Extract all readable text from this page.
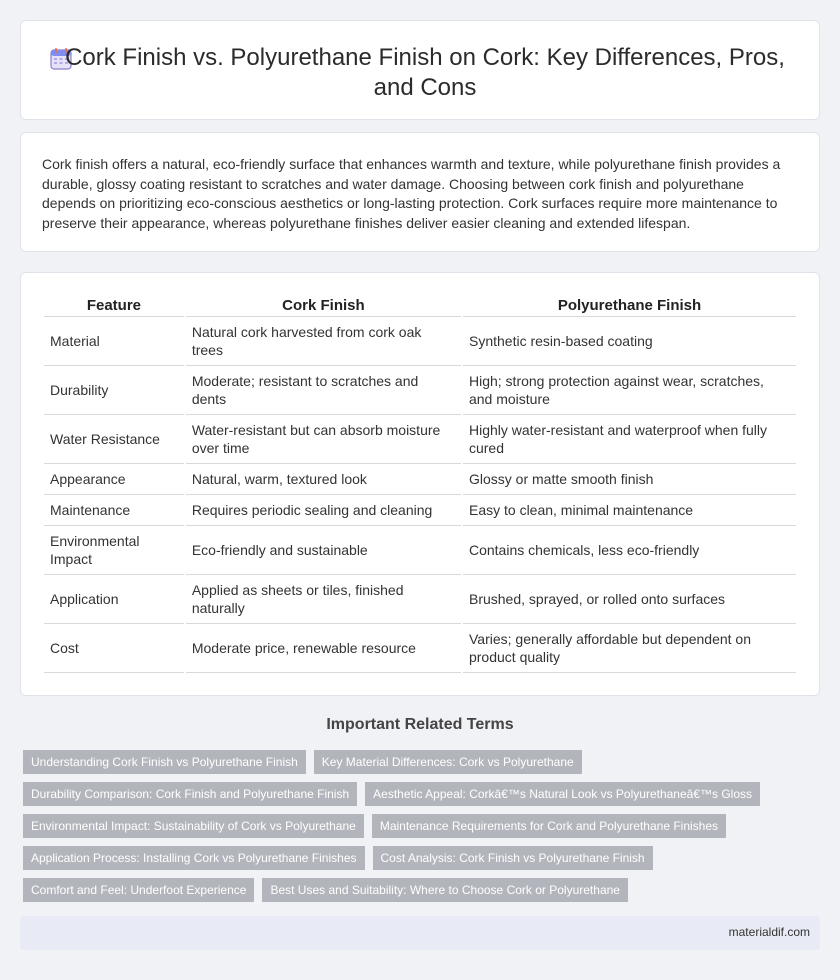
Cork Finish vs. Polyurethane Finish on Cork: Key Differences, Pros, and Cons

Cork finish offers a natural, eco-friendly surface that enhances warmth and texture, while polyurethane finish provides a durable, glossy coating resistant to scratches and water damage. Choosing between cork finish and polyurethane depends on prioritizing eco-conscious aesthetics or long-lasting protection. Cork surfaces require more maintenance to preserve their appearance, whereas polyurethane finishes deliver easier cleaning and extended lifespan.

Feature	Cork Finish	Polyurethane Finish
Material	Natural cork harvested from cork oak trees	Synthetic resin-based coating
Durability	Moderate; resistant to scratches and dents	High; strong protection against wear, scratches, and moisture
Water Resistance	Water-resistant but can absorb moisture over time	Highly water-resistant and waterproof when fully cured
Appearance	Natural, warm, textured look	Glossy or matte smooth finish
Maintenance	Requires periodic sealing and cleaning	Easy to clean, minimal maintenance
Environmental Impact	Eco-friendly and sustainable	Contains chemicals, less eco-friendly
Application	Applied as sheets or tiles, finished naturally	Brushed, sprayed, or rolled onto surfaces
Cost	Moderate price, renewable resource	Varies; generally affordable but dependent on product quality
Important Related Terms
Understanding Cork Finish vs Polyurethane Finish	Key Material Differences: Cork vs Polyurethane
Durability Comparison: Cork Finish and Polyurethane Finish	Aesthetic Appeal: Corkâ€™s Natural Look vs Polyurethaneâ€™s Gloss
Environmental Impact: Sustainability of Cork vs Polyurethane	Maintenance Requirements for Cork and Polyurethane Finishes
Application Process: Installing Cork vs Polyurethane Finishes	Cost Analysis: Cork Finish vs Polyurethane Finish
Comfort and Feel: Underfoot Experience	Best Uses and Suitability: Where to Choose Cork or Polyurethane
materialdif.com
